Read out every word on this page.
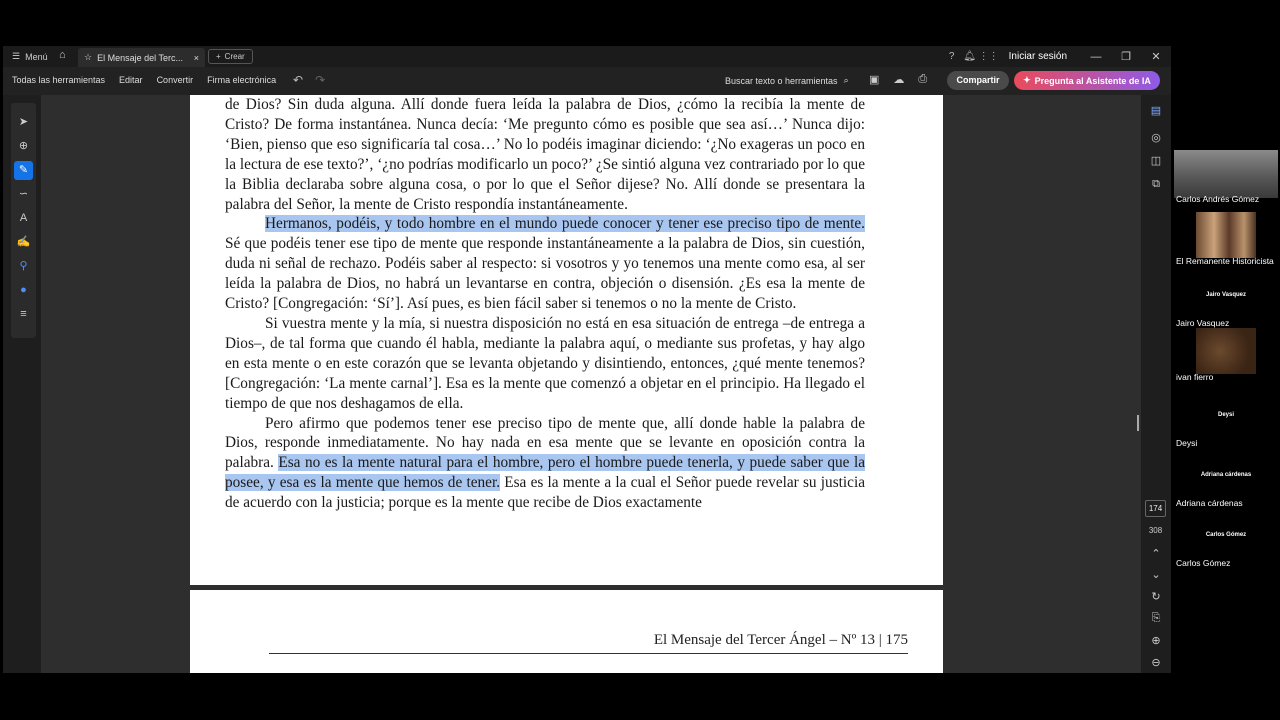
☰ Menú ⌂ ☆ El Mensaje del Terc...	× + Crear	? 🔔︎ ⋮⋮ Iniciar sesión	—	❐	✕
Todas las herramientas Editar Convertir Firma electrónica ↶ ↷	Buscar texto o herramientas ⌕ ▣ ☁ ⎙	Compartir	✦ Pregunta al Asistente de IA
➤
⊕
✎
∽
A
✍
⚲
●
≡

de Dios? Sin duda alguna. Allí donde fuera leída la palabra de Dios, ¿cómo la recibía la mente de Cristo? De forma instantánea. Nunca decía: ‘Me pregunto cómo es posible que sea así…’ Nunca dijo: ‘Bien, pienso que eso significaría tal cosa…’ No lo podéis imaginar diciendo: ‘¿No exageras un poco en la lectura de ese texto?’, ‘¿no podrías modificarlo un poco?’ ¿Se sintió alguna vez contrariado por lo que la Biblia declaraba sobre alguna cosa, o por lo que el Señor dijese? No. Allí donde se presentara la palabra del Señor, la mente de Cristo respondía instantáneamente.

Hermanos, podéis, y todo hombre en el mundo puede conocer y tener ese preciso tipo de mente. Sé que podéis tener ese tipo de mente que responde instantáneamente a la palabra de Dios, sin cuestión, duda ni señal de rechazo. Podéis saber al respecto: si vosotros y yo tenemos una mente como esa, al ser leída la palabra de Dios, no habrá un levantarse en contra, objeción o disensión. ¿Es esa la mente de Cristo? [Congregación: ‘Sí’]. Así pues, es bien fácil saber si tenemos o no la mente de Cristo.

Si vuestra mente y la mía, si nuestra disposición no está en esa situación de entrega –de entrega a Dios–, de tal forma que cuando él habla, mediante la palabra aquí, o mediante sus profetas, y hay algo en esta mente o en este corazón que se levanta objetando y disintiendo, entonces, ¿qué mente tenemos? [Congregación: ‘La mente carnal’]. Esa es la mente que comenzó a objetar en el principio. Ha llegado el tiempo de que nos deshagamos de ella.

Pero afirmo que podemos tener ese preciso tipo de mente que, allí donde hable la palabra de Dios, responde inmediatamente. No hay nada en esa mente que se levante en oposición contra la palabra. Esa no es la mente natural para el hombre, pero el hombre puede tenerla, y puede saber que la posee, y esa es la mente que hemos de tener. Esa es la mente a la cual el Señor puede revelar su justicia de acuerdo con la justicia; porque es la mente que recibe de Dios exactamente

El Mensaje del Tercer Ángel – Nº 13 | 175
▤
◎
◫
⧉
174
308
⌃
⌄
↻
⎘
⊕
⊖
Carlos Andrés Gómez
El Remanente Historicista
Jairo Vasquez
Jairo Vasquez
ivan fierro
Deysi
Deysi
Adriana cárdenas
Adriana cárdenas
Carlos Gómez
Carlos Gómez
